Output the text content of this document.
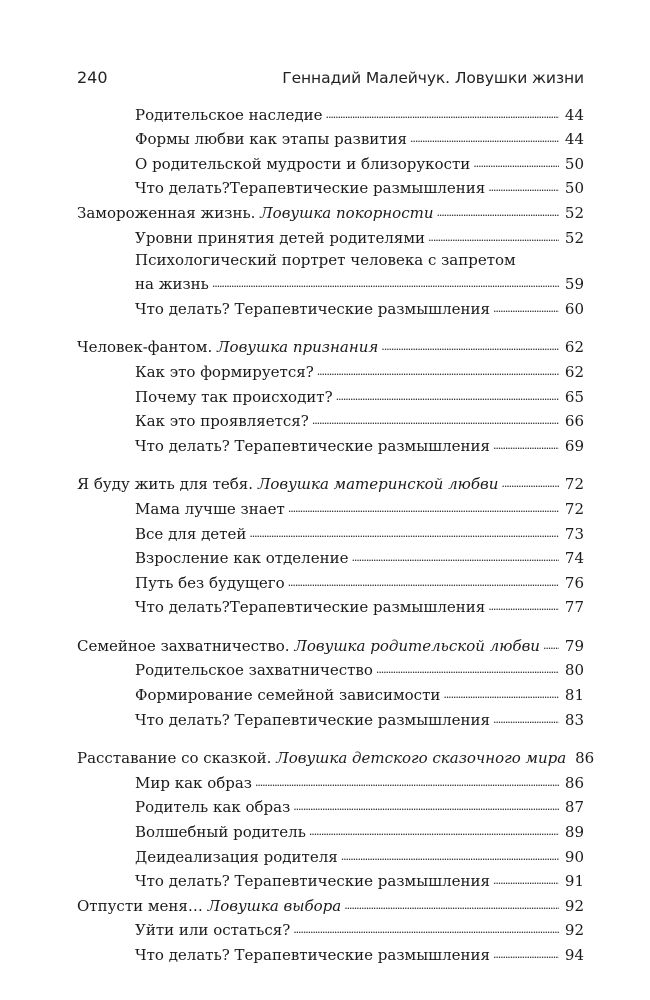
240	Геннадий Малейчук. Ловушки жизни
Родительское наследие . . .	44
Формы любви как этапы развития . . .	44
О родительской мудрости и близорукости . . .	50
Что делать?Терапевтические размышления . . .	50
Замороженная жизнь. Ловушка покорности . . .	52
Уровни принятия детей родителями . . .	52
Психологический портрет человека с запретом
на жизнь . . .	59
Что делать? Терапевтические размышления . . .	60
Человек-фантом. Ловушка признания . . .	62
Как это формируется? . . .	62
Почему так происходит? . . .	65
Как это проявляется? . . .	66
Что делать? Терапевтические размышления . . .	69
Я буду жить для тебя. Ловушка материнской любви . . .	72
Мама лучше знает . . .	72
Все для детей . . .	73
Взросление как отделение . . .	74
Путь без будущего . . .	76
Что делать?Терапевтические размышления . . .	77
Семейное захватничество. Ловушка родительской любви . . . 79
Родительское захватничество . . .	80
Формирование семейной зависимости . . .	81
Что делать? Терапевтические размышления . . .	83
Расставание со сказкой. Ловушка детского сказочного мира 86
Мир как образ . . .	86
Родитель как образ . . .	87
Волшебный родитель . . .	89
Деидеализация родителя . . .	90
Что делать? Терапевтические размышления . . .	91
Отпусти меня… Ловушка выбора . . .	92
Уйти или остаться? . . .	92
Что делать? Терапевтические размышления . . .	94
